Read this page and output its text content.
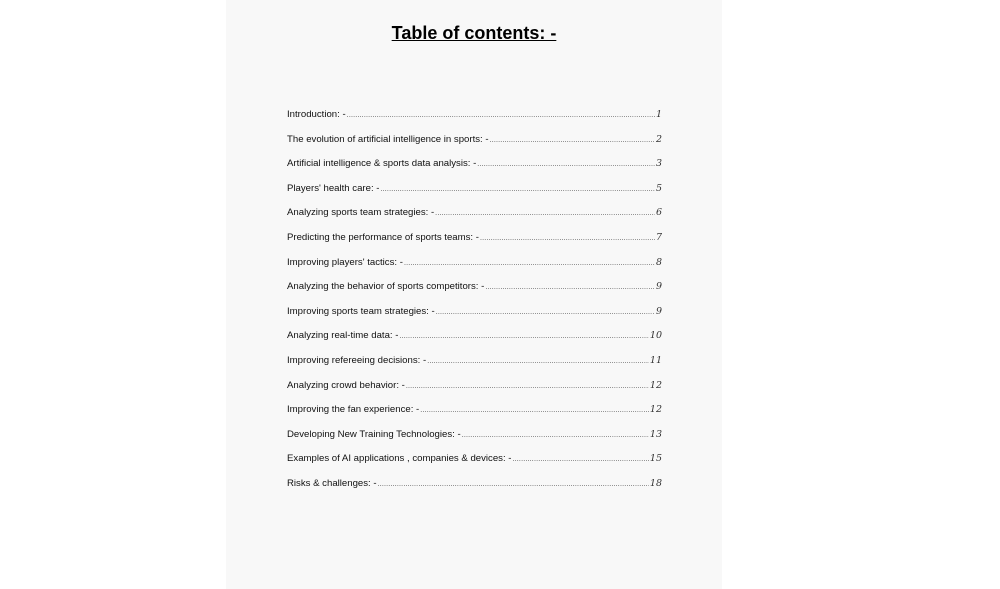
Table of contents: -
Introduction: - .....	1
The evolution of artificial intelligence in sports: - .....	2
Artificial intelligence & sports data analysis: - .....	3
Players' health care: - .....	5
Analyzing sports team strategies: - .....	6
Predicting the performance of sports teams: - .....	7
Improving players' tactics: - .....	8
Analyzing the behavior of sports competitors: - .....	9
Improving sports team strategies: - .....	9
Analyzing real-time data: - .....	10
Improving refereeing decisions: - .....	11
Analyzing crowd behavior: - .....	12
Improving the fan experience: - .....	12
Developing New Training Technologies: - .....	13
Examples of AI applications , companies & devices: - .....	15
Risks & challenges: - .....	18
